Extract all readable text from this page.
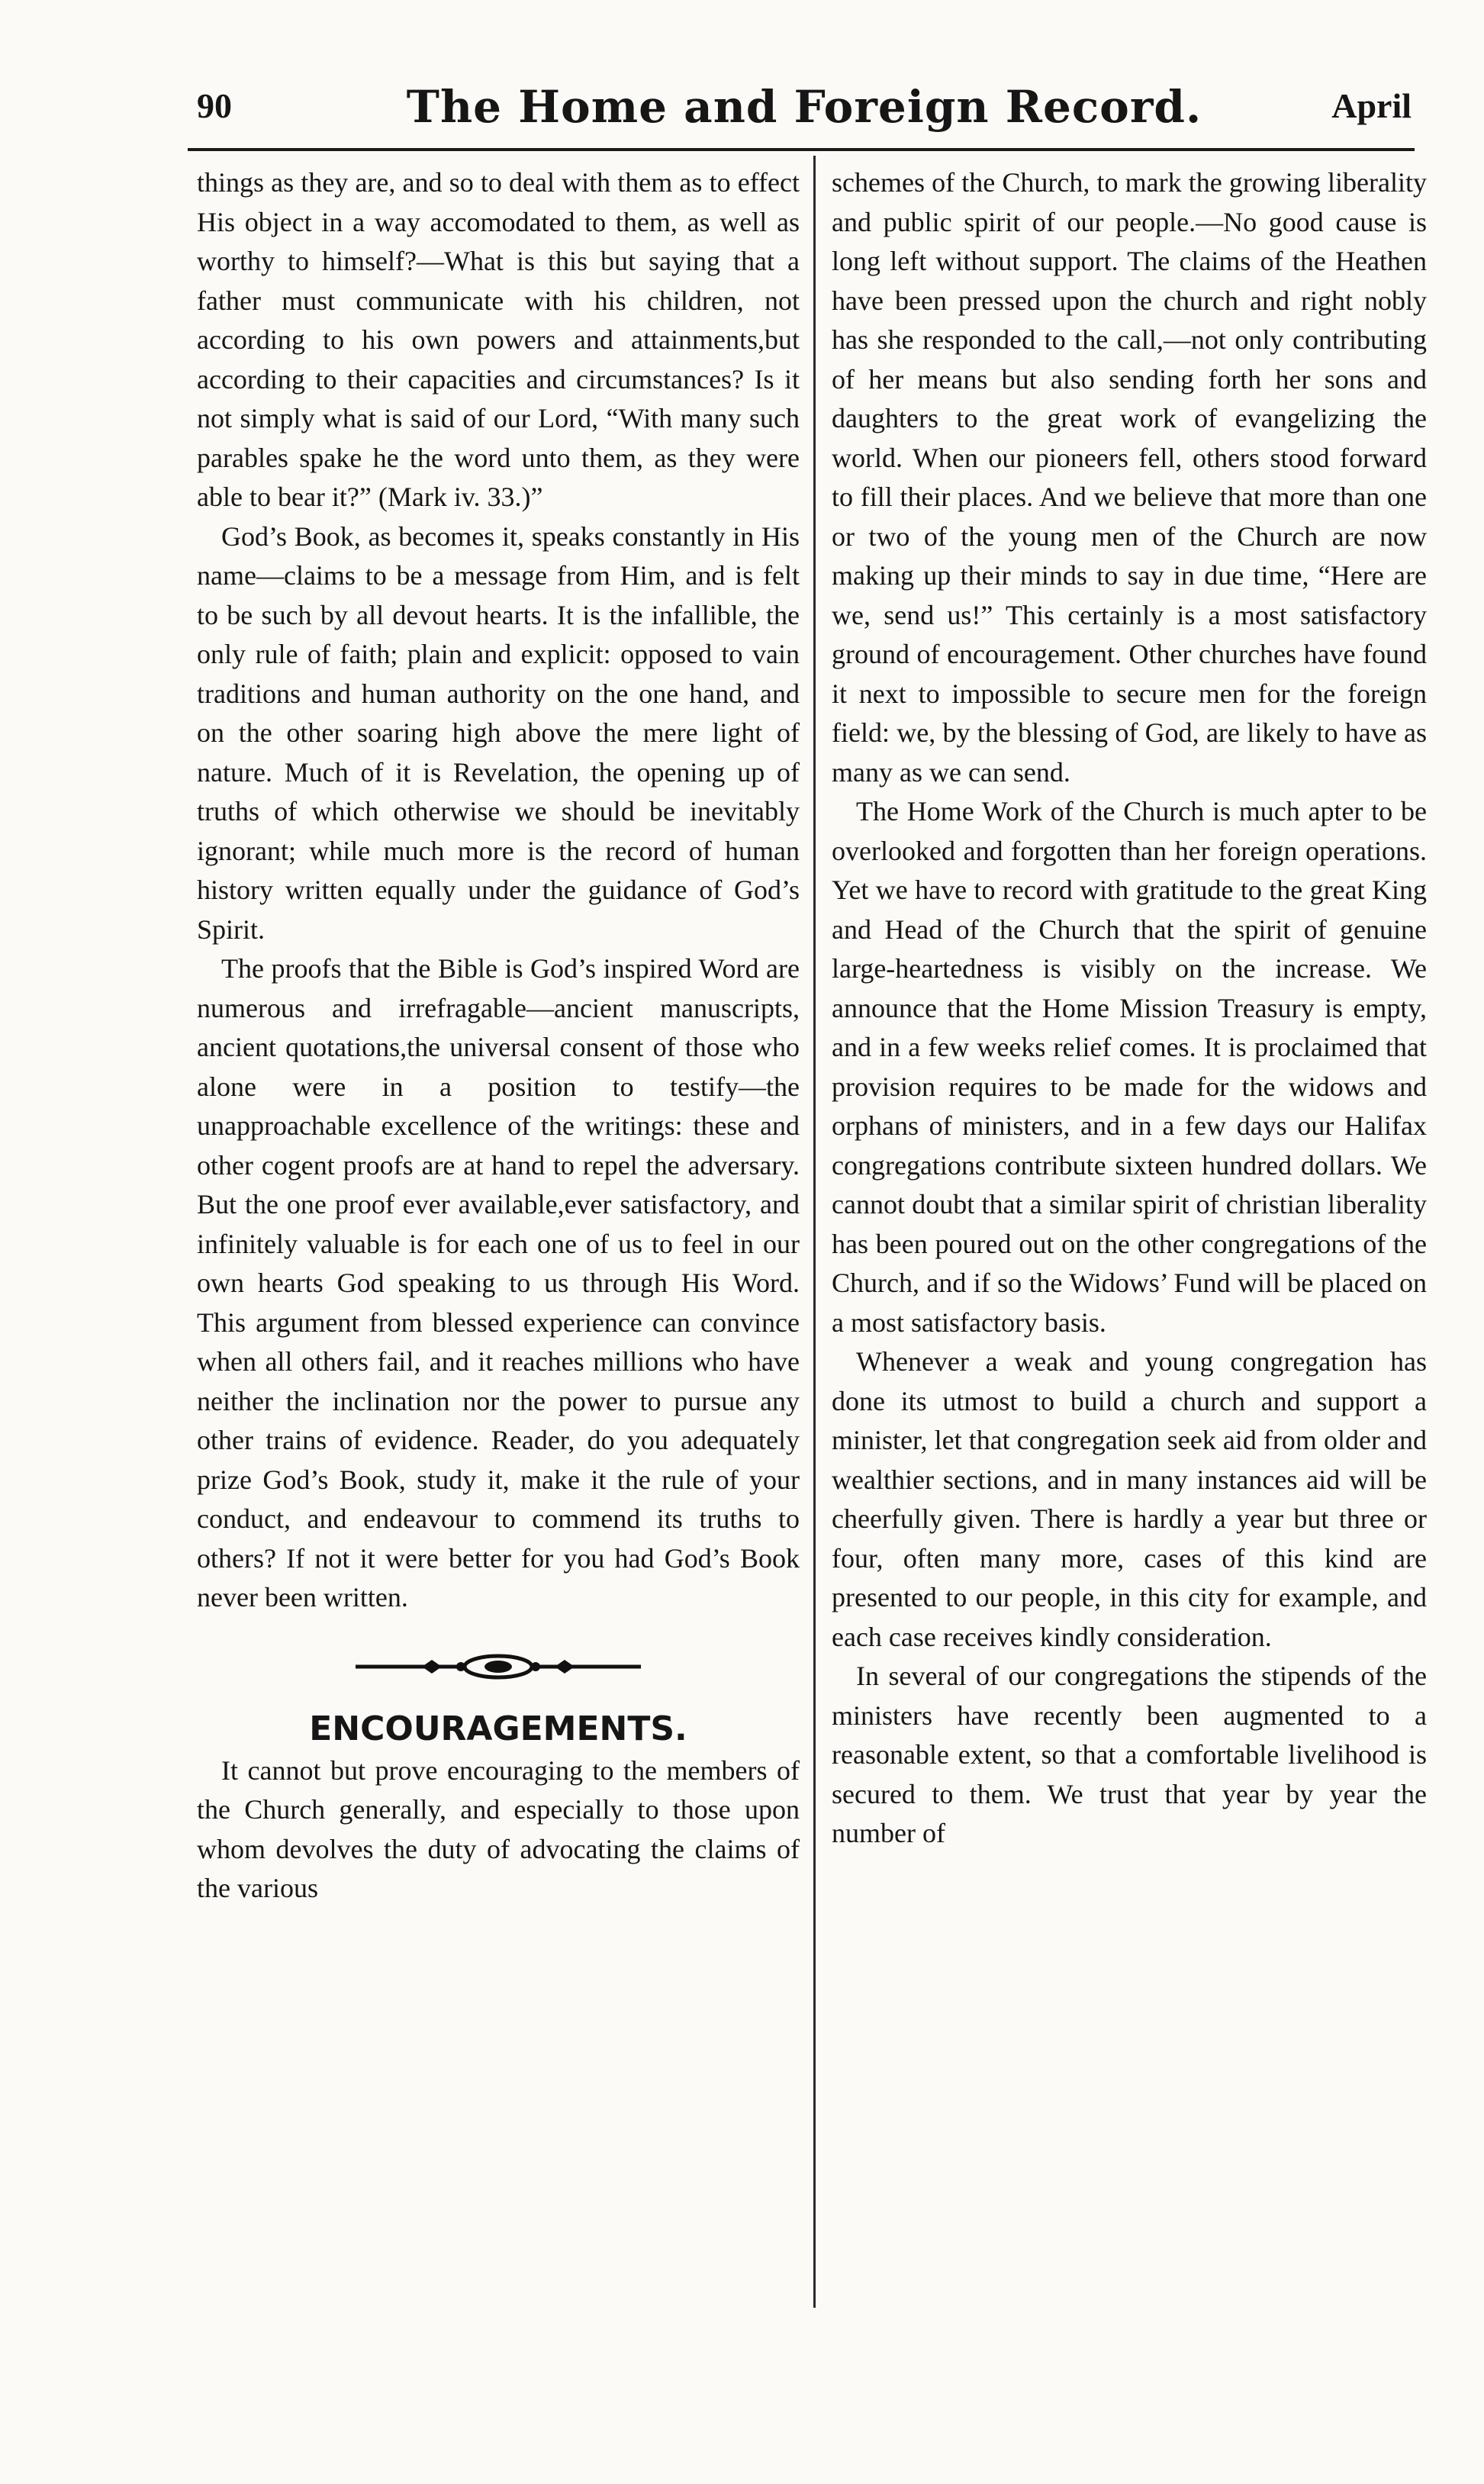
90	The Home and Foreign Record.	April

things as they are, and so to deal with them as to effect His object in a way accomodated to them, as well as worthy to himself?—What is this but saying that a father must communicate with his children, not according to his own powers and attainments,but according to their capacities and circumstances? Is it not simply what is said of our Lord, “With many such parables spake he the word unto them, as they were able to bear it?” (Mark iv. 33.)”

God’s Book, as becomes it, speaks constantly in His name—claims to be a message from Him, and is felt to be such by all devout hearts. It is the infallible, the only rule of faith; plain and explicit: opposed to vain traditions and human authority on the one hand, and on the other soaring high above the mere light of nature. Much of it is Revelation, the opening up of truths of which otherwise we should be inevitably ignorant; while much more is the record of human history written equally under the guidance of God’s Spirit.

The proofs that the Bible is God’s inspired Word are numerous and irrefragable—ancient manuscripts, ancient quotations,the universal consent of those who alone were in a position to testify—the unapproachable excellence of the writings: these and other cogent proofs are at hand to repel the adversary. But the one proof ever available,ever satisfactory, and infinitely valuable is for each one of us to feel in our own hearts God speaking to us through His Word. This argument from blessed experience can convince when all others fail, and it reaches millions who have neither the inclination nor the power to pursue any other trains of evidence. Reader, do you adequately prize God’s Book, study it, make it the rule of your conduct, and endeavour to commend its truths to others? If not it were better for you had God’s Book never been written.

ENCOURAGEMENTS.

It cannot but prove encouraging to the members of the Church generally, and especially to those upon whom devolves the duty of advocating the claims of the various

schemes of the Church, to mark the growing liberality and public spirit of our people.—No good cause is long left without support. The claims of the Heathen have been pressed upon the church and right nobly has she responded to the call,—not only contributing of her means but also sending forth her sons and daughters to the great work of evangelizing the world. When our pioneers fell, others stood forward to fill their places. And we believe that more than one or two of the young men of the Church are now making up their minds to say in due time, “Here are we, send us!” This certainly is a most satisfactory ground of encouragement. Other churches have found it next to impossible to secure men for the foreign field: we, by the blessing of God, are likely to have as many as we can send.

The Home Work of the Church is much apter to be overlooked and forgotten than her foreign operations. Yet we have to record with gratitude to the great King and Head of the Church that the spirit of genuine large-heartedness is visibly on the increase. We announce that the Home Mission Treasury is empty, and in a few weeks relief comes. It is proclaimed that provision requires to be made for the widows and orphans of ministers, and in a few days our Halifax congregations contribute sixteen hundred dollars. We cannot doubt that a similar spirit of christian liberality has been poured out on the other congregations of the Church, and if so the Widows’ Fund will be placed on a most satisfactory basis.

Whenever a weak and young congregation has done its utmost to build a church and support a minister, let that congregation seek aid from older and wealthier sections, and in many instances aid will be cheerfully given. There is hardly a year but three or four, often many more, cases of this kind are presented to our people, in this city for example, and each case receives kindly consideration.

In several of our congregations the stipends of the ministers have recently been augmented to a reasonable extent, so that a comfortable livelihood is secured to them. We trust that year by year the number of
